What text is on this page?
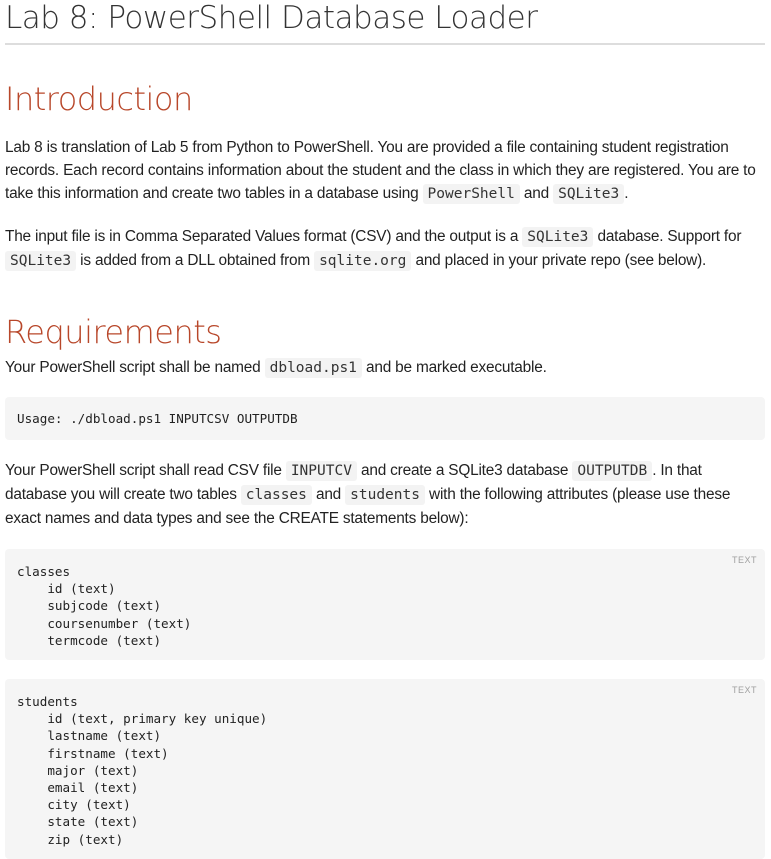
Lab 8: PowerShell Database Loader
Introduction

Lab 8 is translation of Lab 5 from Python to PowerShell. You are provided a file containing student registration records. Each record contains information about the student and the class in which they are registered. You are to take this information and create two tables in a database using PowerShell and SQLite3 .

The input file is in Comma Separated Values format (CSV) and the output is a SQLite3 database. Support for SQLite3 is added from a DLL obtained from sqlite.org and placed in your private repo (see below).

Requirements

Your PowerShell script shall be named dbload.ps1 and be marked executable.

Usage: ./dbload.ps1 INPUTCSV OUTPUTDB

Your PowerShell script shall read CSV file INPUTCV and create a SQLite3 database OUTPUTDB . In that database you will create two tables classes and students with the following attributes (please use these exact names and data types and see the CREATE statements below):

TEXT
classes
id (text)
subjcode (text)
coursenumber (text)
termcode (text)
TEXT
students
id (text, primary key unique)
lastname (text)
firstname (text)
major (text)
email (text)
city (text)
state (text)
zip (text)
